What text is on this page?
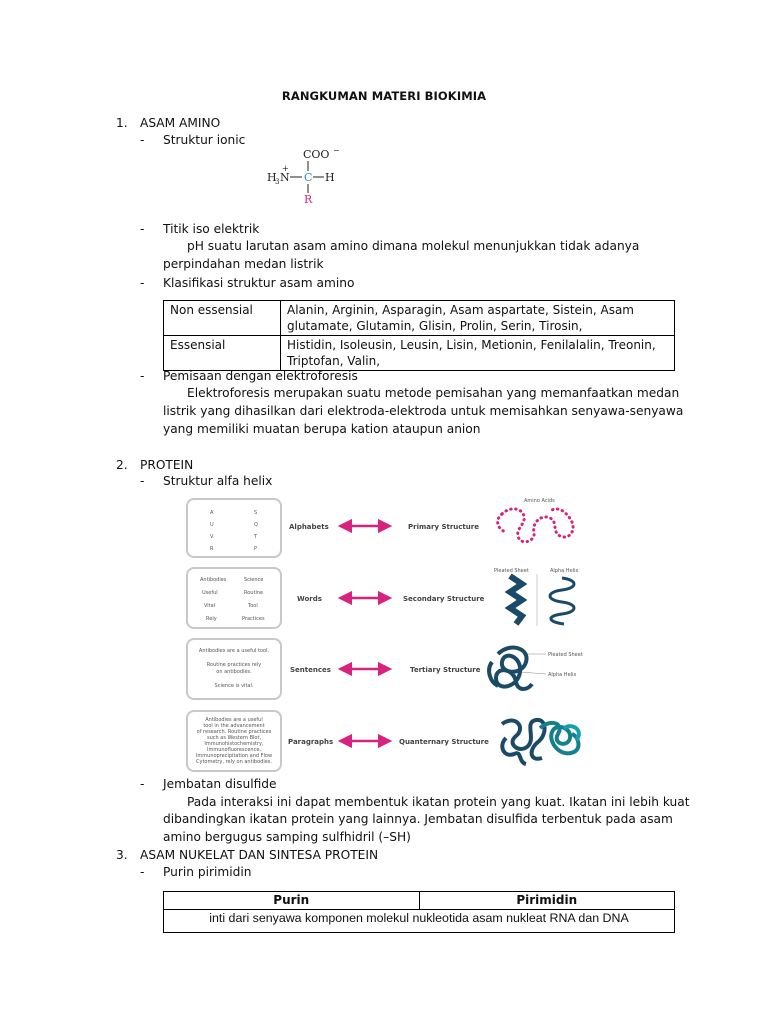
RANGKUMAN MATERI BIOKIMIA
1. ASAM AMINO
- Struktur ionic
COO −
H
3 N
+
C H
R
- Titik iso elektrik
pH suatu larutan asam amino dimana molekul menunjukkan tidak adanya
perpindahan medan listrik
- Klasifikasi struktur asam amino
Non essensial	Alanin, Arginin, Asparagin, Asam aspartate, Sistein, Asam
glutamate, Glutamin, Glisin, Prolin, Serin, Tirosin,

Essensial	Histidin, Isoleusin, Leusin, Lisin, Metionin, Fenilalalin, Treonin,
Triptofan, Valin,
- Pemisaan dengan elektroforesis
Elektroforesis merupakan suatu metode pemisahan yang memanfaatkan medan
listrik yang dihasilkan dari elektroda-elektroda untuk memisahkan senyawa-senyawa
yang memiliki muatan berupa kation ataupun anion
2. PROTEIN
- Struktur alfa helix
A	S
U	Q
V	T
R	P
Antibodies	Science
Useful	Routine
Vital	Tool
Rely	Practices
Antibodies are a useful tool.
Routine practices rely
on antibodies.
Science is vital.
Antibodies are a useful
tool in the advancement
of research. Routine practices
such as Western Blot,
Immunohistochemistry,
Immunofluorescence,
Immunoprecipitation and Flow
Cytometry, rely on antibodies.
Alphabets	Primary Structure
Words	Secondary Structure
Sentences	Tertiary Structure
Paragraphs	Quanternary Structure
Amino Acids
Pleated Sheet	Alpha Helix
Pleated Sheet
Alpha Helix
- Jembatan disulfide
Pada interaksi ini dapat membentuk ikatan protein yang kuat. Ikatan ini lebih kuat
dibandingkan ikatan protein yang lainnya. Jembatan disulfida terbentuk pada asam
amino bergugus samping sulfhidril (–SH)
3. ASAM NUKELAT DAN SINTESA PROTEIN
- Purin pirimidin
Purin	Pirimidin
inti dari senyawa komponen molekul nukleotida asam nukleat RNA dan DNA
